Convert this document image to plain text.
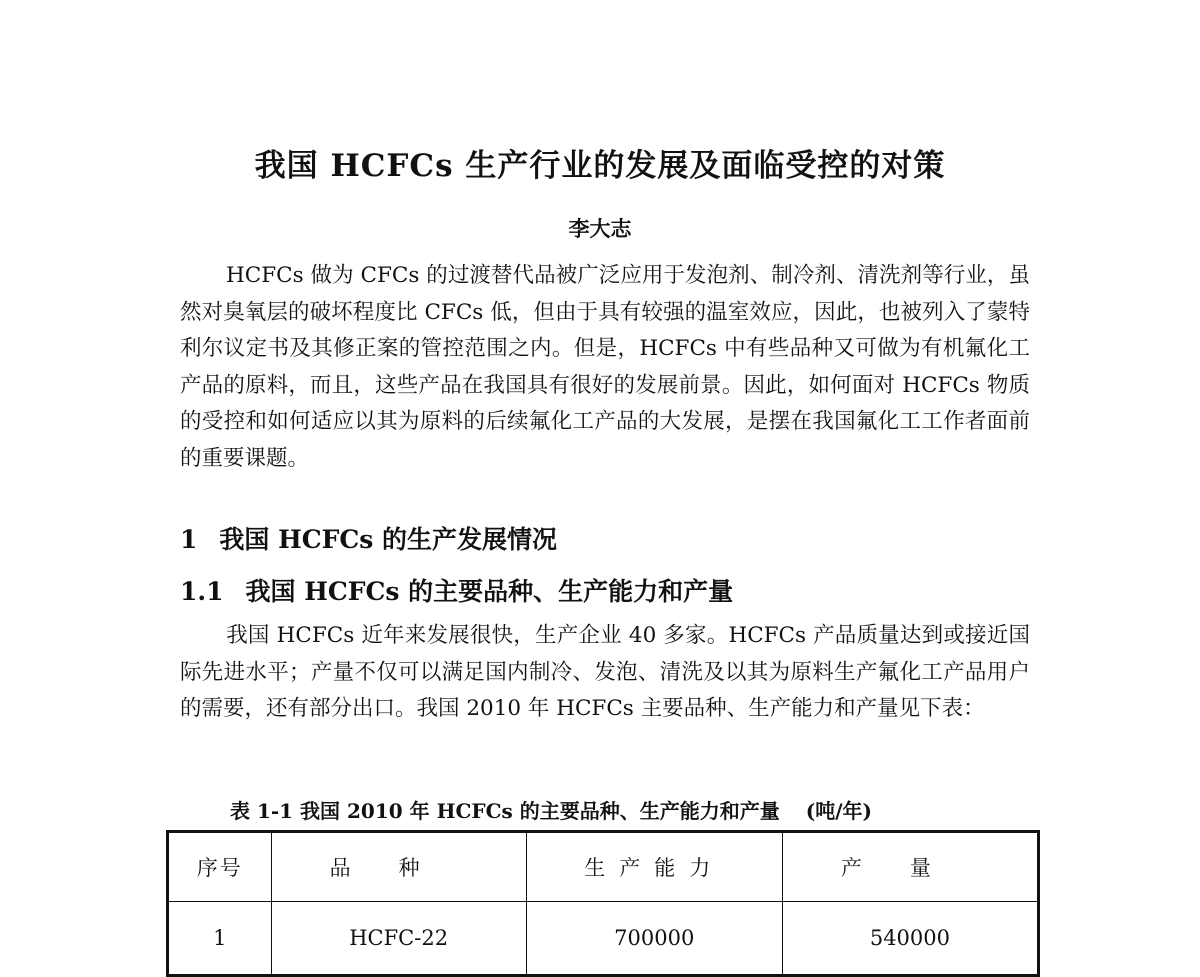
我国 HCFCs 生产行业的发展及面临受控的对策
李大志

HCFCs 做为 CFCs 的过渡替代品被广泛应用于发泡剂、制冷剂、清洗剂等行业，虽然对臭氧层的破坏程度比 CFCs 低，但由于具有较强的温室效应，因此，也被列入了蒙特利尔议定书及其修正案的管控范围之内。但是，HCFCs 中有些品种又可做为有机氟化工产品的原料，而且，这些产品在我国具有很好的发展前景。因此，如何面对 HCFCs 物质的受控和如何适应以其为原料的后续氟化工产品的大发展，是摆在我国氟化工工作者面前的重要课题。

1 我国 HCFCs 的生产发展情况
1.1 我国 HCFCs 的主要品种、生产能力和产量

我国 HCFCs 近年来发展很快，生产企业 40 多家。HCFCs 产品质量达到或接近国际先进水平；产量不仅可以满足国内制冷、发泡、清洗及以其为原料生产氟化工产品用户的需要，还有部分出口。我国 2010 年 HCFCs 主要品种、生产能力和产量见下表：

表 1-1 我国 2010 年 HCFCs 的主要品种、生产能力和产量 (吨/年)
序号	品种	生产能力	产量
1	HCFC-22	700000	540000
